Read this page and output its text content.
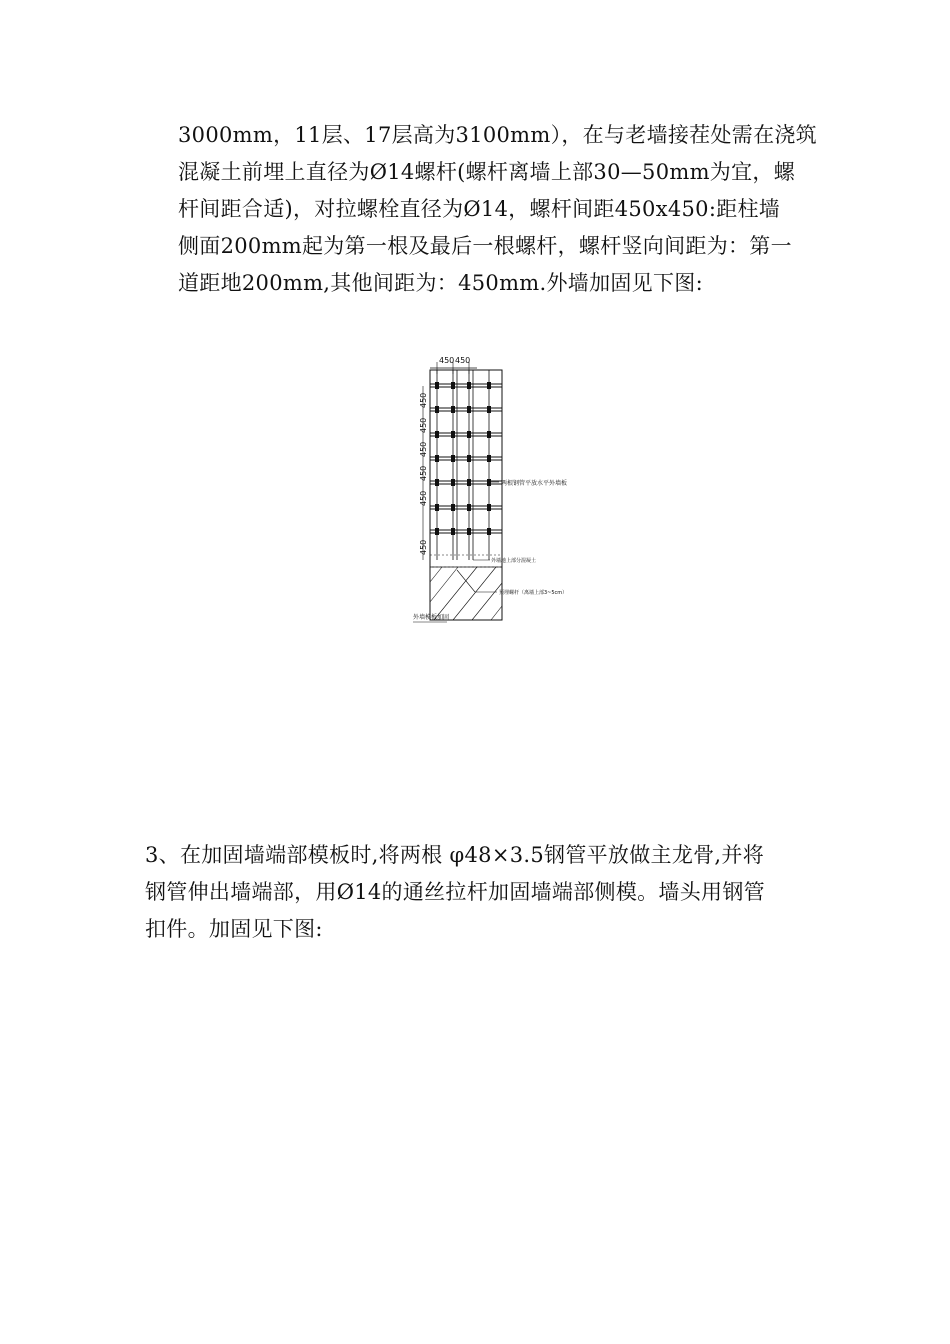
3000mm，11层、17层高为3100mm），在与老墙接茬处需在浇筑
混凝土前埋上直径为Ø14螺杆(螺杆离墙上部30—50mm为宜，螺
杆间距合适)，对拉螺栓直径为Ø14，螺杆间距450x450:距柱墙
侧面200mm起为第一根及最后一根螺杆，螺杆竖向间距为：第一
道距地200mm,其他间距为：450mm.外墙加固见下图:
450 450
450
450
450
450
450
450
两根钢管平放水平外墙板
外墙地上部分混凝土
预埋螺杆（离墙上部3~5cm）
外墙模板加固
3、在加固墙端部模板时,将两根 φ48×3.5钢管平放做主龙骨,并将
钢管伸出墙端部，用Ø14的通丝拉杆加固墙端部侧模。墙头用钢管
扣件。加固见下图:
